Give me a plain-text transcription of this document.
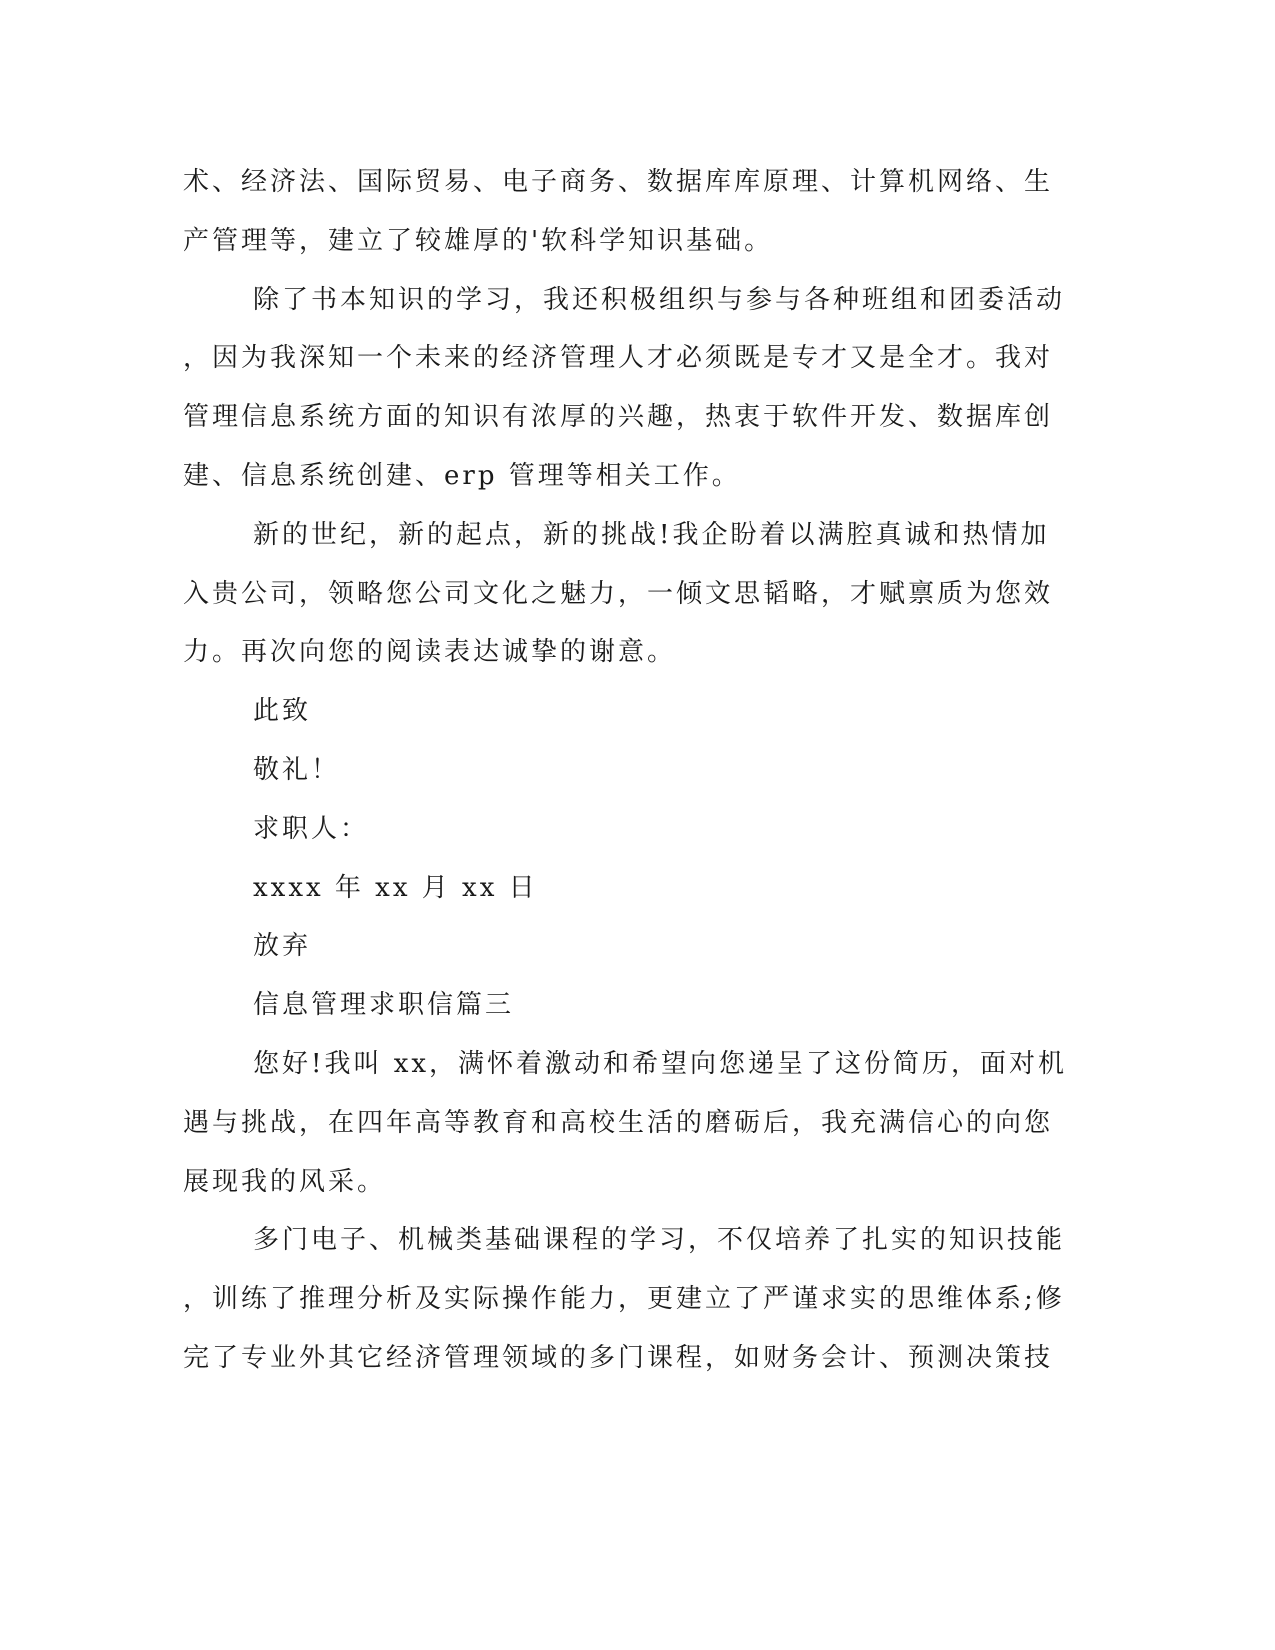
术、经济法、国际贸易、电子商务、数据库库原理、计算机网络、生
产管理等，建立了较雄厚的'软科学知识基础。
除了书本知识的学习，我还积极组织与参与各种班组和团委活动
，因为我深知一个未来的经济管理人才必须既是专才又是全才。我对
管理信息系统方面的知识有浓厚的兴趣，热衷于软件开发、数据库创
建、信息系统创建、erp 管理等相关工作。
新的世纪，新的起点，新的挑战!我企盼着以满腔真诚和热情加
入贵公司，领略您公司文化之魅力，一倾文思韬略，才赋禀质为您效
力。再次向您的阅读表达诚挚的谢意。
此致
敬礼！
求职人：
xxxx 年 xx 月 xx 日
放弃
信息管理求职信篇三
您好!我叫 xx，满怀着激动和希望向您递呈了这份简历，面对机
遇与挑战，在四年高等教育和高校生活的磨砺后，我充满信心的向您
展现我的风采。
多门电子、机械类基础课程的学习，不仅培养了扎实的知识技能
，训练了推理分析及实际操作能力，更建立了严谨求实的思维体系;修
完了专业外其它经济管理领域的多门课程，如财务会计、预测决策技
